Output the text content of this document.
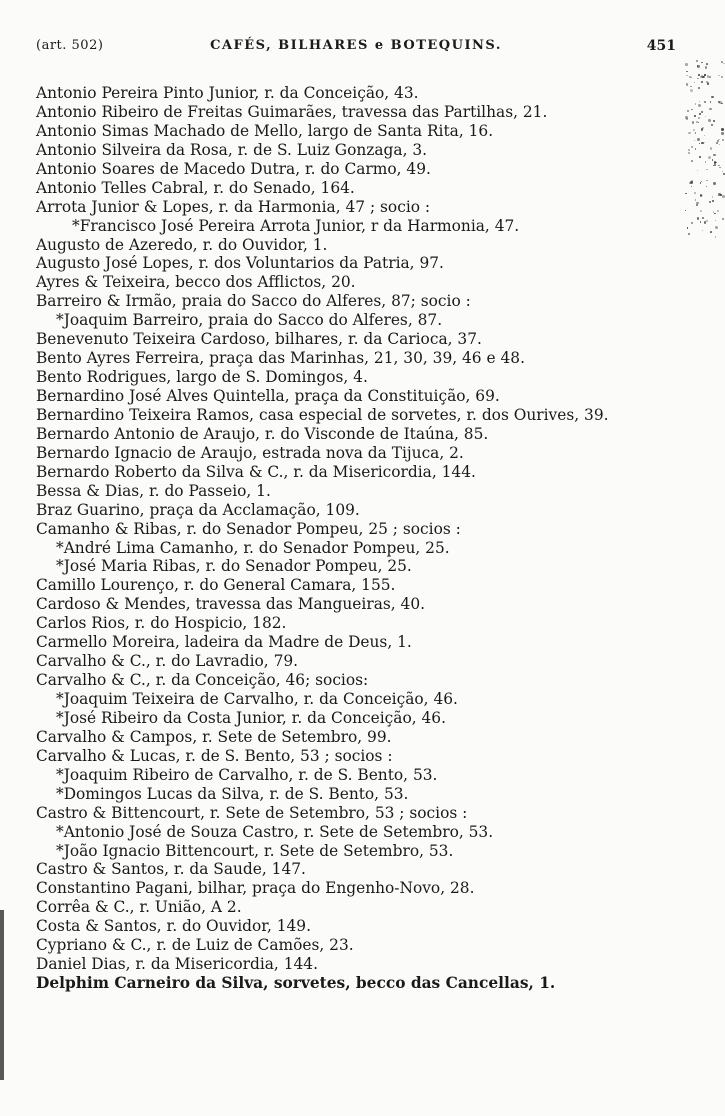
(art. 502)	CAFÉS, BILHARES e BOTEQUINS.	451
Antonio Pereira Pinto Junior, r. da Conceição, 43.
Antonio Ribeiro de Freitas Guimarães, travessa das Partilhas, 21.
Antonio Simas Machado de Mello, largo de Santa Rita, 16.
Antonio Silveira da Rosa, r. de S. Luiz Gonzaga, 3.
Antonio Soares de Macedo Dutra, r. do Carmo, 49.
Antonio Telles Cabral, r. do Senado, 164.
Arrota Junior & Lopes, r. da Harmonia, 47 ; socio :
*Francisco José Pereira Arrota Junior, r da Harmonia, 47.
Augusto de Azeredo, r. do Ouvidor, 1.
Augusto José Lopes, r. dos Voluntarios da Patria, 97.
Ayres & Teixeira, becco dos Afflictos, 20.
Barreiro & Irmão, praia do Sacco do Alferes, 87; socio :
*Joaquim Barreiro, praia do Sacco do Alferes, 87.
Benevenuto Teixeira Cardoso, bilhares, r. da Carioca, 37.
Bento Ayres Ferreira, praça das Marinhas, 21, 30, 39, 46 e 48.
Bento Rodrigues, largo de S. Domingos, 4.
Bernardino José Alves Quintella, praça da Constituição, 69.
Bernardino Teixeira Ramos, casa especial de sorvetes, r. dos Ourives, 39.
Bernardo Antonio de Araujo, r. do Visconde de Itaúna, 85.
Bernardo Ignacio de Araujo, estrada nova da Tijuca, 2.
Bernardo Roberto da Silva & C., r. da Misericordia, 144.
Bessa & Dias, r. do Passeio, 1.
Braz Guarino, praça da Acclamação, 109.
Camanho & Ribas, r. do Senador Pompeu, 25 ; socios :
*André Lima Camanho, r. do Senador Pompeu, 25.
*José Maria Ribas, r. do Senador Pompeu, 25.
Camillo Lourenço, r. do General Camara, 155.
Cardoso & Mendes, travessa das Mangueiras, 40.
Carlos Rios, r. do Hospicio, 182.
Carmello Moreira, ladeira da Madre de Deus, 1.
Carvalho & C., r. do Lavradio, 79.
Carvalho & C., r. da Conceição, 46; socios:
*Joaquim Teixeira de Carvalho, r. da Conceição, 46.
*José Ribeiro da Costa Junior, r. da Conceição, 46.
Carvalho & Campos, r. Sete de Setembro, 99.
Carvalho & Lucas, r. de S. Bento, 53 ; socios :
*Joaquim Ribeiro de Carvalho, r. de S. Bento, 53.
*Domingos Lucas da Silva, r. de S. Bento, 53.
Castro & Bittencourt, r. Sete de Setembro, 53 ; socios :
*Antonio José de Souza Castro, r. Sete de Setembro, 53.
*João Ignacio Bittencourt, r. Sete de Setembro, 53.
Castro & Santos, r. da Saude, 147.
Constantino Pagani, bilhar, praça do Engenho-Novo, 28.
Corrêa & C., r. União, A 2.
Costa & Santos, r. do Ouvidor, 149.
Cypriano & C., r. de Luiz de Camões, 23.
Daniel Dias, r. da Misericordia, 144.
Delphim Carneiro da Silva, sorvetes, becco das Cancellas, 1.
